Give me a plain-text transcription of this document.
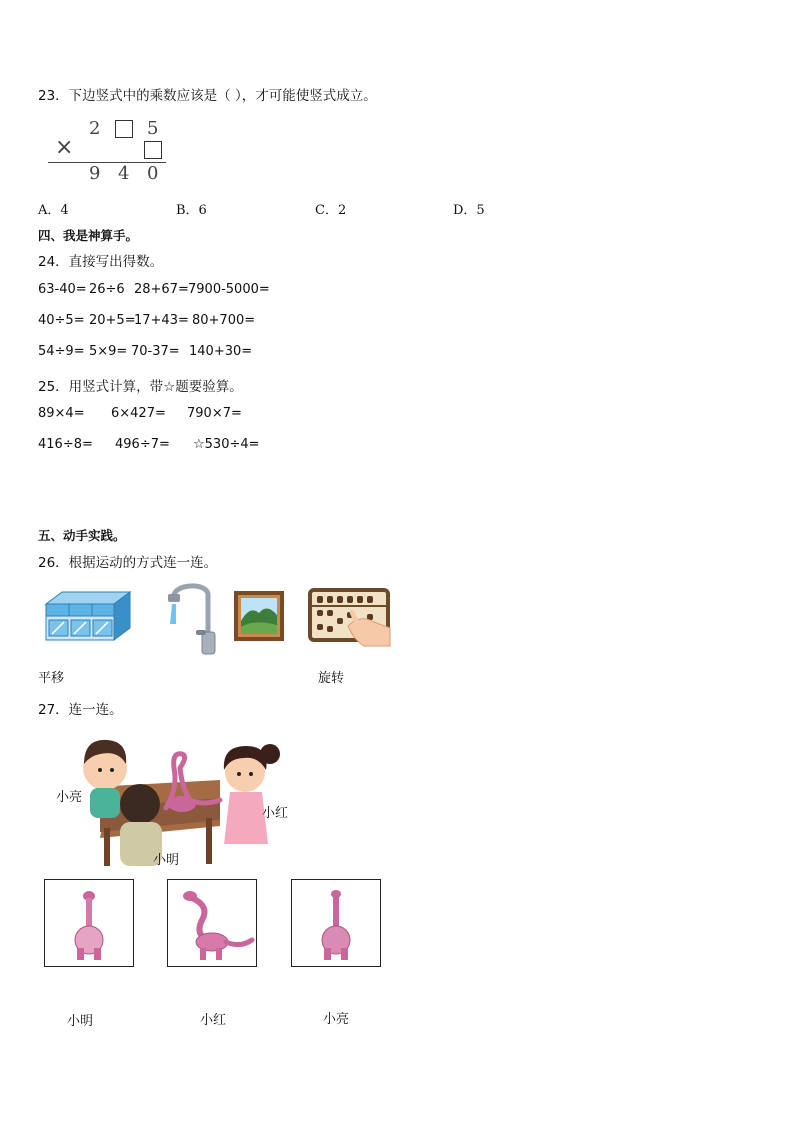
23．下边竖式中的乘数应该是（ ），才可能使竖式成立。
2	5
×
9 4 0
A．4	B．6	C．2	D．5
四、我是神算手。
24．直接写出得数。
63-40= 26÷6 28+67= 7900-5000=
40÷5= 20+5=
17+43= 80+700=
54÷9= 5×9= 70-37= 140+30=
25．用竖式计算，带☆题要验算。
89×4= 6×427= 790×7=
416÷8= 496÷7= ☆530÷4=
五、动手实践。
26．根据运动的方式连一连。
平移	旋转
27．连一连。
小亮
小红
小明
小明	小红	小亮
